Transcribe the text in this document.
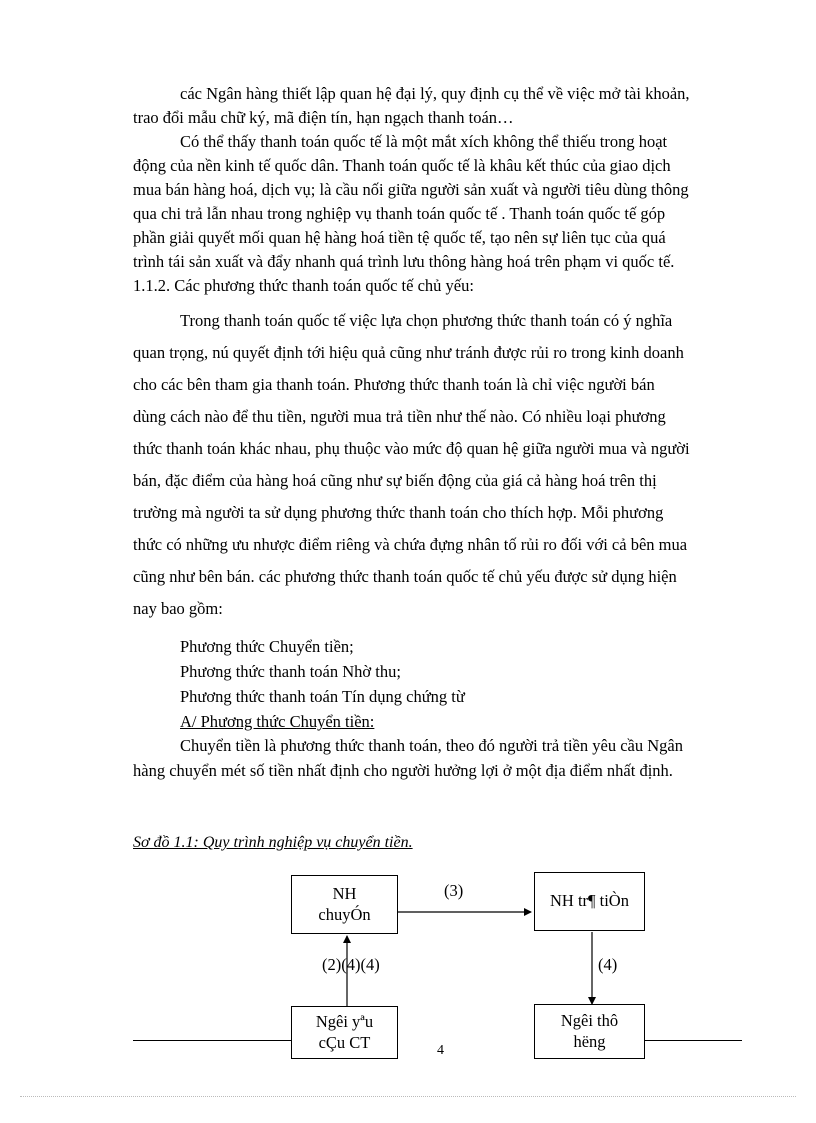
các Ngân hàng thiết lập quan hệ đại lý, quy định cụ thể về việc mở tài khoản,
trao đổi mẫu chữ ký, mã điện tín, hạn ngạch thanh toán…
Có thể thấy thanh toán quốc tế là một mắt xích không thể thiếu trong hoạt
động của nền kinh tế quốc dân. Thanh toán quốc tế là khâu kết thúc của giao dịch
mua bán hàng hoá, dịch vụ; là cầu nối giữa người sản xuất và người tiêu dùng thông
qua chi trả lẫn nhau trong nghiệp vụ thanh toán quốc tế . Thanh toán quốc tế góp
phần giải quyết mối quan hệ hàng hoá tiền tệ quốc tế, tạo nên sự liên tục của quá
trình tái sản xuất và đẩy nhanh quá trình lưu thông hàng hoá trên phạm vi quốc tế.
1.1.2. Các phương thức thanh toán quốc tế chủ yếu:
Trong thanh toán quốc tế việc lựa chọn phương thức thanh toán có ý nghĩa
quan trọng, nú quyết định tới hiệu quả cũng như tránh được rủi ro trong kinh doanh
cho các bên tham gia thanh toán. Phương thức thanh toán là chỉ việc người bán
dùng cách nào để thu tiền, người mua trả tiền như thế nào. Có nhiều loại phương
thức thanh toán khác nhau, phụ thuộc vào mức độ quan hệ giữa người mua và người
bán, đặc điểm của hàng hoá cũng như sự biến động của giá cả hàng hoá trên thị
trường mà người ta sử dụng phương thức thanh toán cho thích hợp. Mỗi phương
thức có những ưu nhược điểm riêng và chứa đựng nhân tố rủi ro đối với cả bên mua
cũng như bên bán. các phương thức thanh toán quốc tế chủ yếu được sử dụng hiện
nay bao gồm:
Phương thức Chuyển tiền;
Phương thức thanh toán Nhờ thu;
Phương thức thanh toán Tín dụng chứng từ
A/ Phương thức Chuyển tiền:
Chuyển tiền là phương thức thanh toán, theo đó người trả tiền yêu cầu Ngân
hàng chuyển mét số tiền nhất định cho người hưởng lợi ở một địa điểm nhất định.
Sơ đồ 1.1: Quy trình nghiệp vụ chuyển tiền.
NH
chuyÓn
NH tr¶ tiÒn
Ngêi yªu
cÇu CT
Ngêi thô
hëng
(3)
(2)(4)(4)	(4)
4
